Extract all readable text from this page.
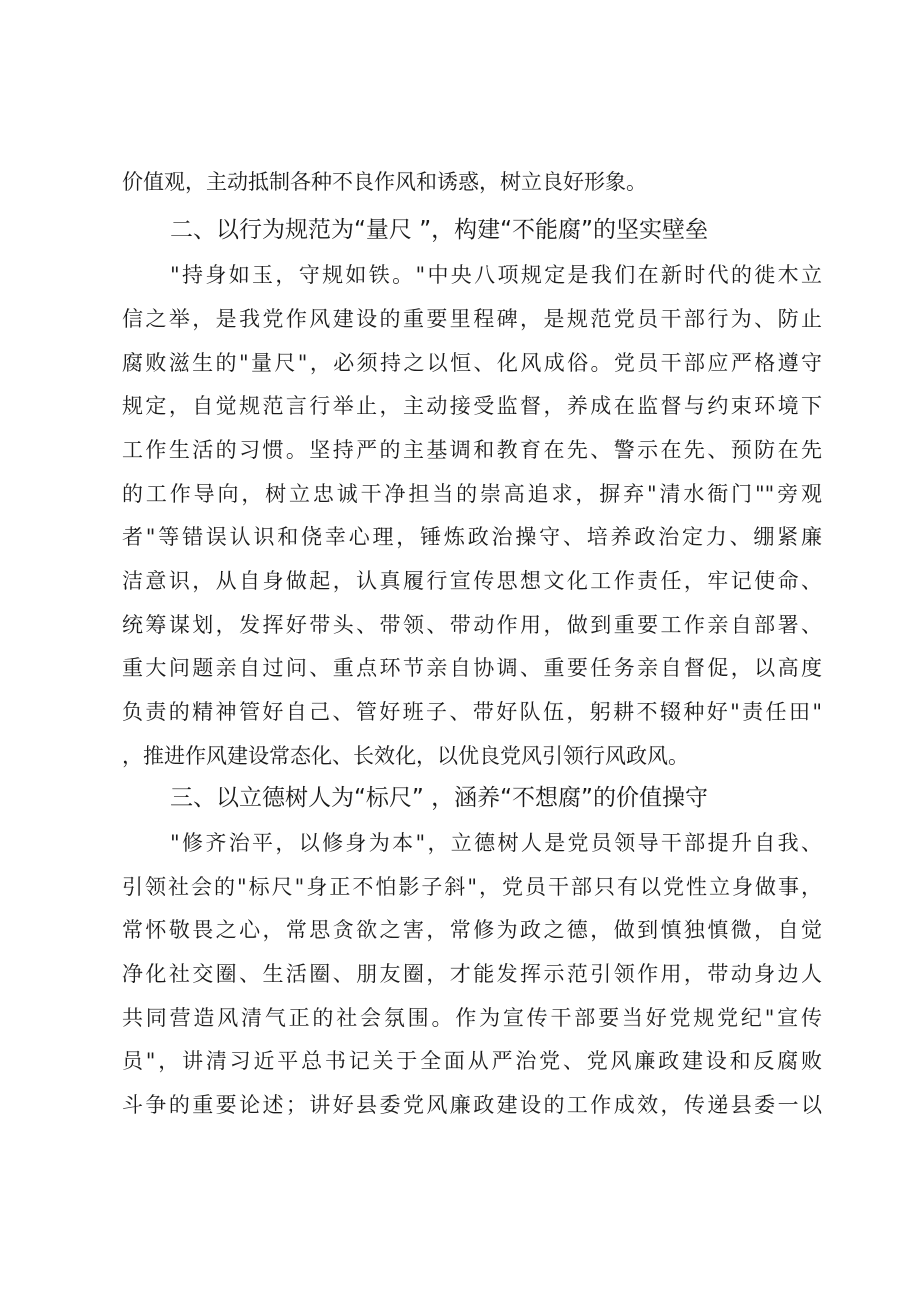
价值观，主动抵制各种不良作风和诱惑，树立良好形象。
二、以行为规范为“量尺 ”，构建“不能腐”的坚实壁垒
"持身如玉，守规如铁。"中央八项规定是我们在新时代的徙木立
信之举，是我党作风建设的重要里程碑，是规范党员干部行为、防止
腐败滋生的"量尺"，必须持之以恒、化风成俗。党员干部应严格遵守
规定，自觉规范言行举止，主动接受监督，养成在监督与约束环境下
工作生活的习惯。坚持严的主基调和教育在先、警示在先、预防在先
的工作导向，树立忠诚干净担当的崇高追求，摒弃"清水衙门""旁观
者"等错误认识和侥幸心理，锤炼政治操守、培养政治定力、绷紧廉
洁意识，从自身做起，认真履行宣传思想文化工作责任，牢记使命、
统筹谋划，发挥好带头、带领、带动作用，做到重要工作亲自部署、
重大问题亲自过问、重点环节亲自协调、重要任务亲自督促，以高度
负责的精神管好自己、管好班子、带好队伍，躬耕不辍种好"责任田"
，推进作风建设常态化、长效化，以优良党风引领行风政风。
三、以立德树人为“标尺” ，涵养“不想腐”的价值操守
"修齐治平，以修身为本"，立德树人是党员领导干部提升自我、
引领社会的"标尺"身正不怕影子斜"，党员干部只有以党性立身做事，
常怀敬畏之心，常思贪欲之害，常修为政之德，做到慎独慎微，自觉
净化社交圈、生活圈、朋友圈，才能发挥示范引领作用，带动身边人
共同营造风清气正的社会氛围。作为宣传干部要当好党规党纪"宣传
员"，讲清习近平总书记关于全面从严治党、党风廉政建设和反腐败
斗争的重要论述；讲好县委党风廉政建设的工作成效，传递县委一以
